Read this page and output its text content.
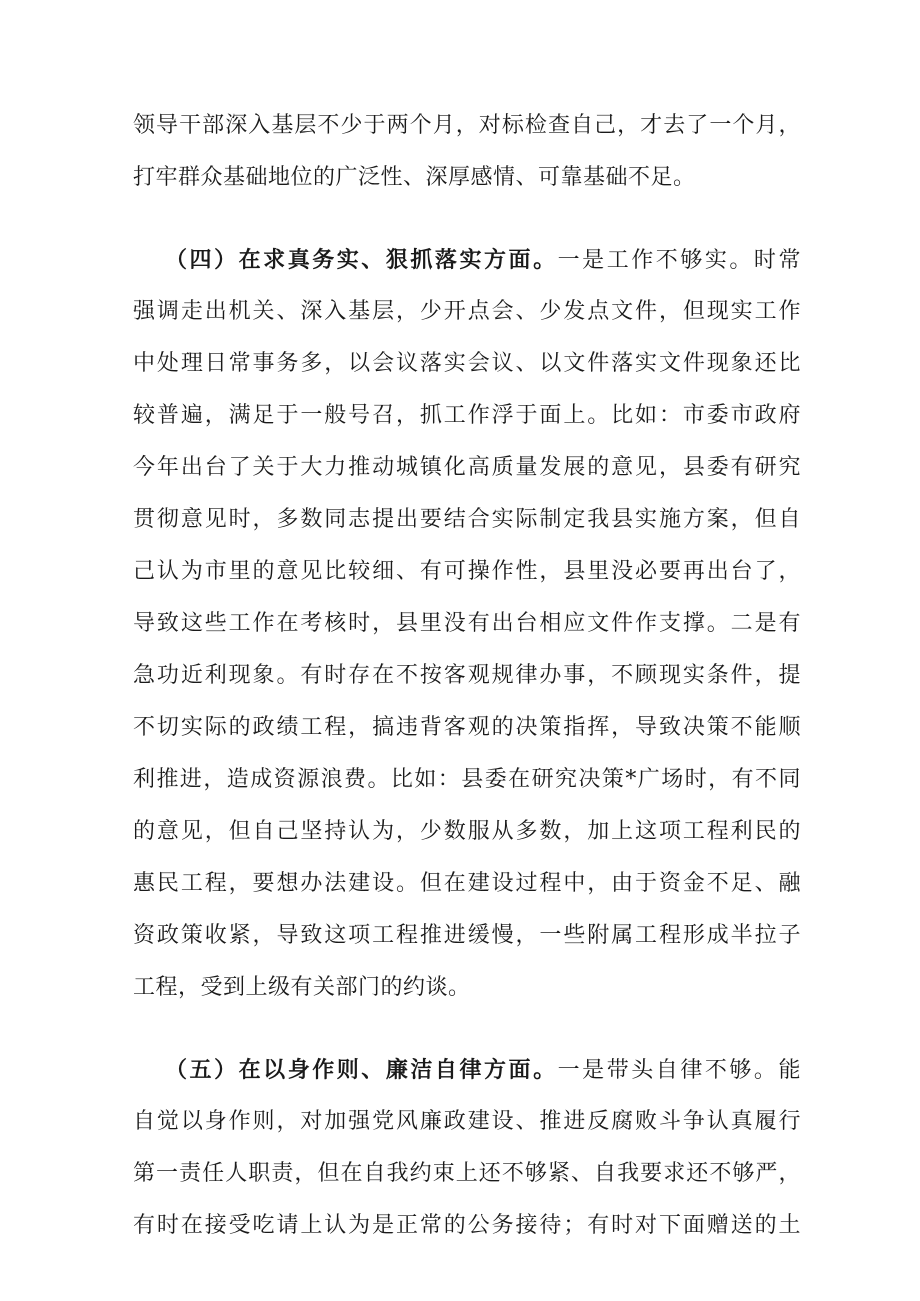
领导干部深入基层不少于两个月，对标检查自己，才去了一个月，
打牢群众基础地位的广泛性、深厚感情、可靠基础不足。
（四）在求真务实、狠抓落实方面。一是工作不够实。时常
强调走出机关、深入基层，少开点会、少发点文件，但现实工作
中处理日常事务多，以会议落实会议、以文件落实文件现象还比
较普遍，满足于一般号召，抓工作浮于面上。比如：市委市政府
今年出台了关于大力推动城镇化高质量发展的意见，县委有研究
贯彻意见时，多数同志提出要结合实际制定我县实施方案，但自
己认为市里的意见比较细、有可操作性，县里没必要再出台了，
导致这些工作在考核时，县里没有出台相应文件作支撑。二是有
急功近利现象。有时存在不按客观规律办事，不顾现实条件，提
不切实际的政绩工程，搞违背客观的决策指挥，导致决策不能顺
利推进，造成资源浪费。比如：县委在研究决策*广场时，有不同
的意见，但自己坚持认为，少数服从多数，加上这项工程利民的
惠民工程，要想办法建设。但在建设过程中，由于资金不足、融
资政策收紧，导致这项工程推进缓慢，一些附属工程形成半拉子
工程，受到上级有关部门的约谈。
（五）在以身作则、廉洁自律方面。一是带头自律不够。能
自觉以身作则，对加强党风廉政建设、推进反腐败斗争认真履行
第一责任人职责，但在自我约束上还不够紧、自我要求还不够严，
有时在接受吃请上认为是正常的公务接待；有时对下面赠送的土
